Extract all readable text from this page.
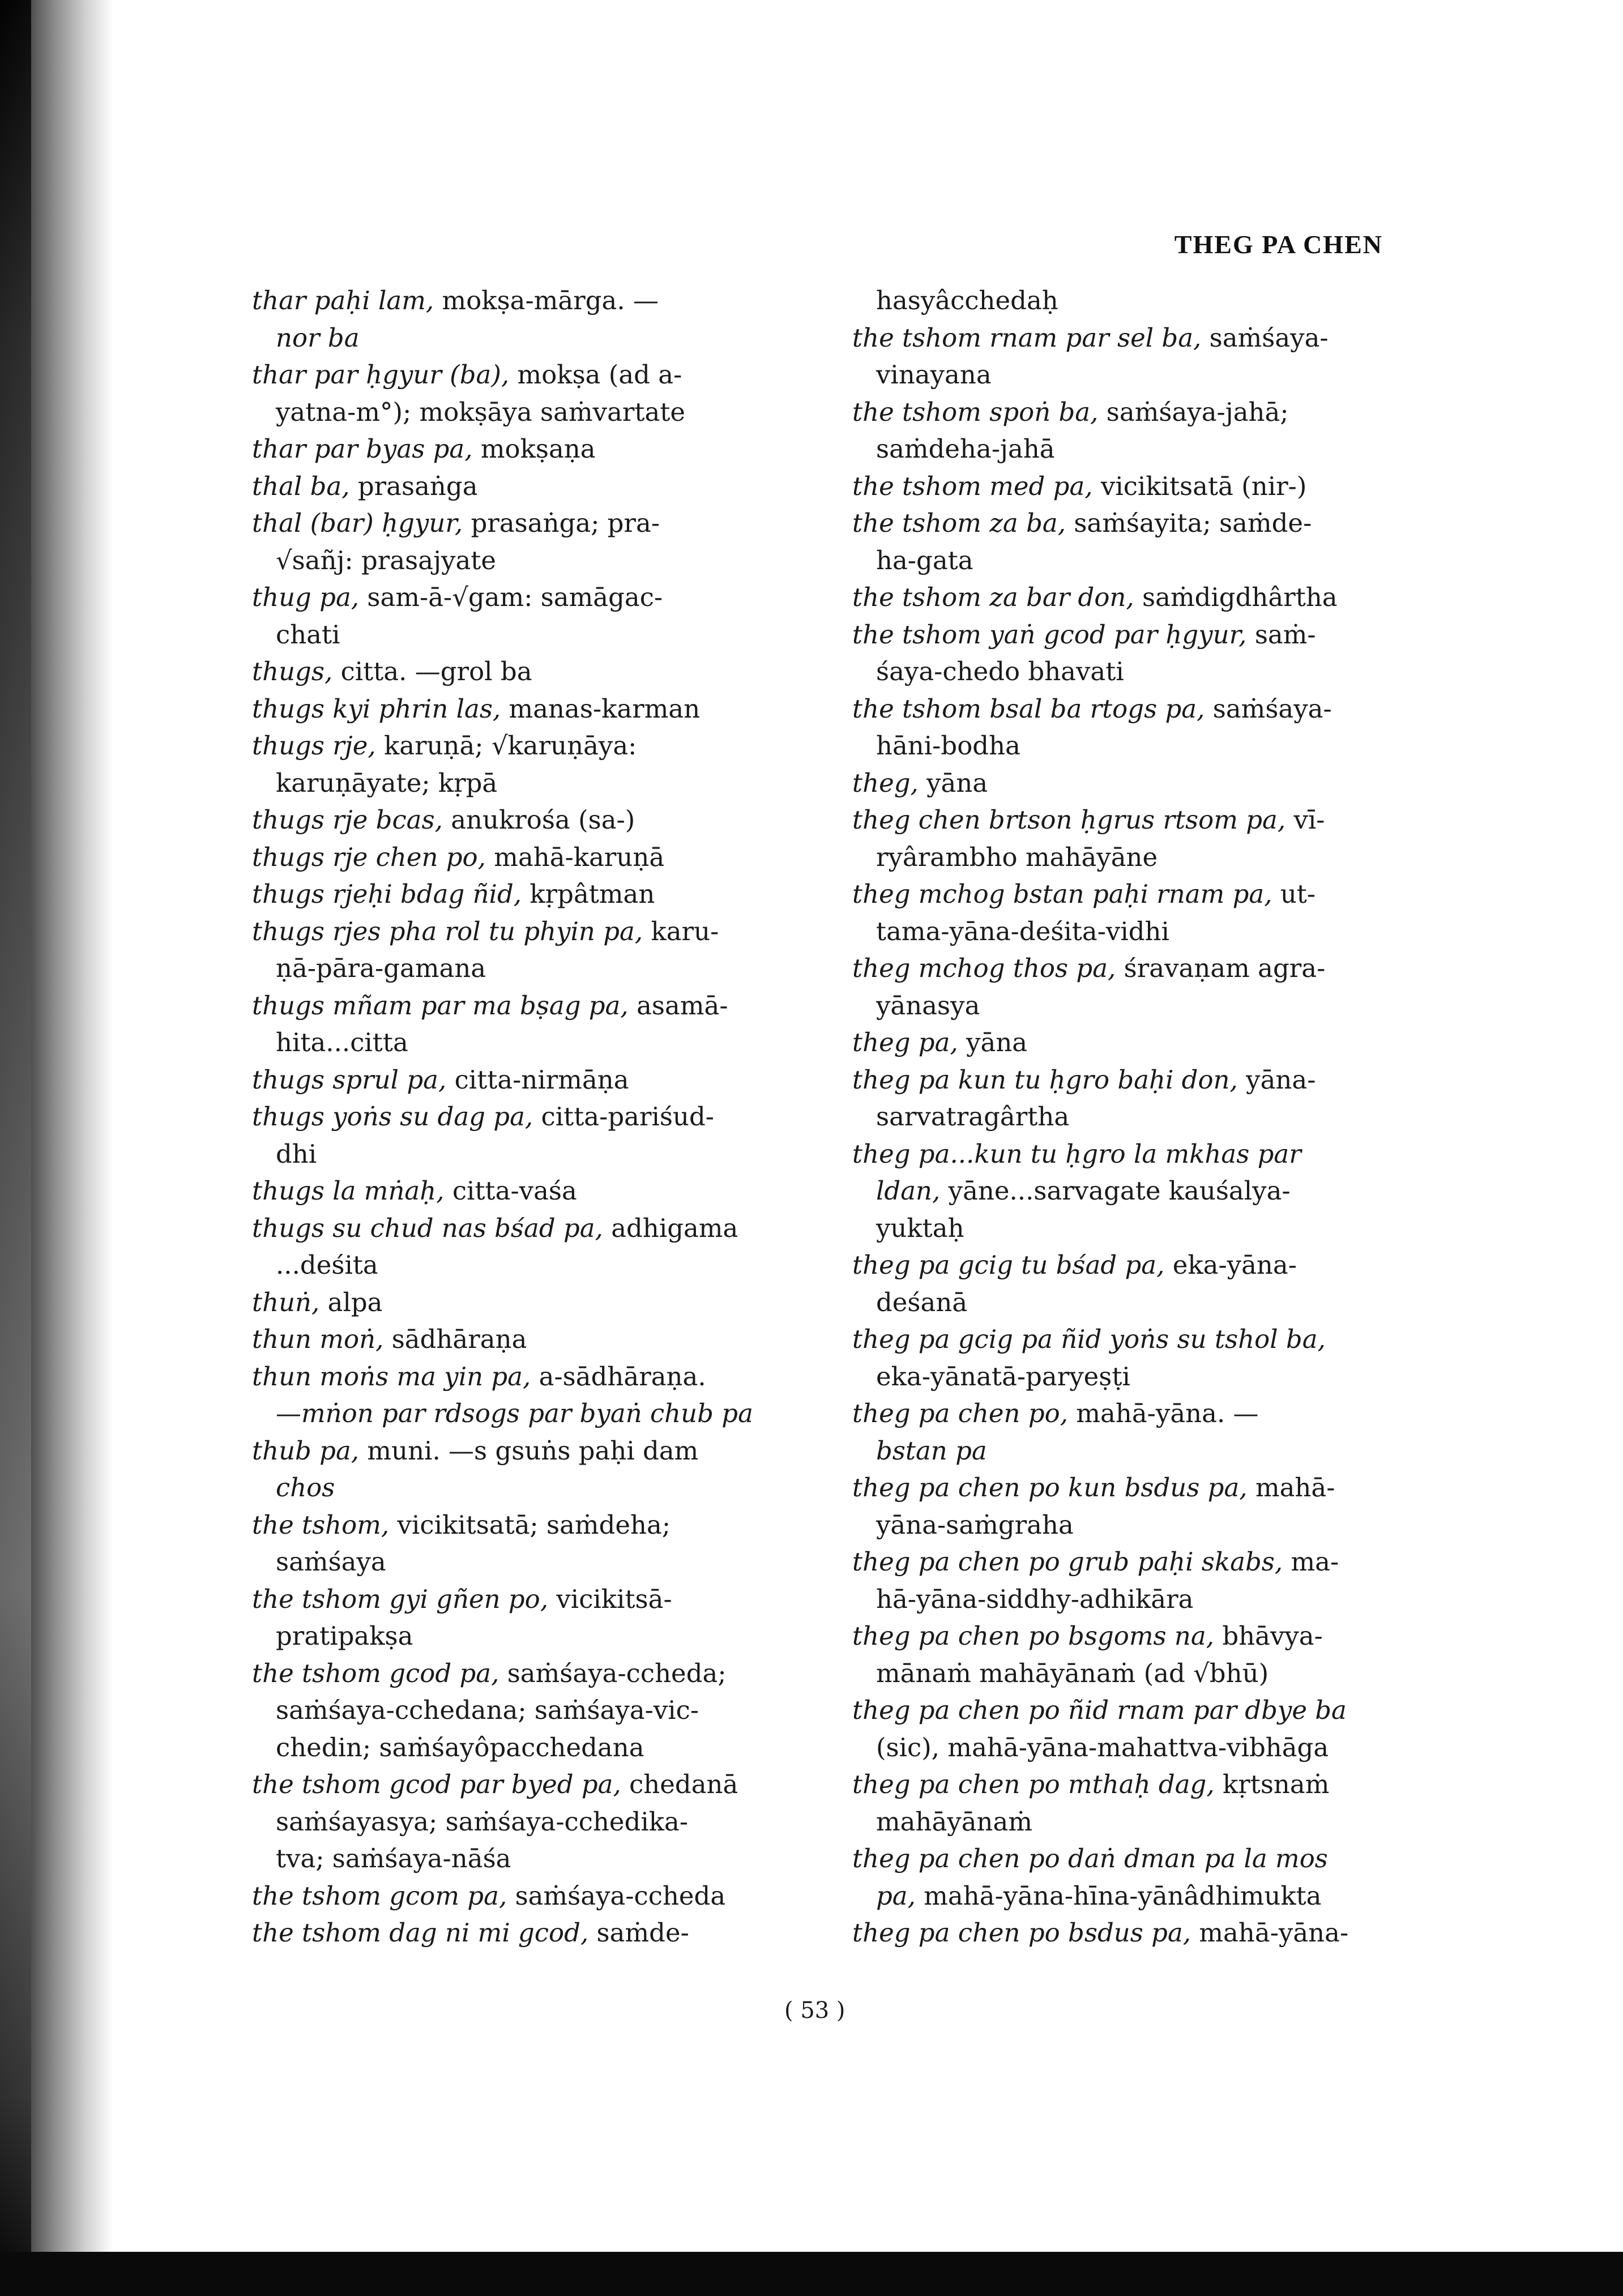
THEG PA CHEN
thar paḥi lam, mokṣa-mārga. —
nor ba
thar par ḥgyur (ba), mokṣa (ad a-
yatna-m°); mokṣāya saṁvartate
thar par byas pa, mokṣaṇa
thal ba, prasaṅga
thal (bar) ḥgyur, prasaṅga; pra-
√sañj: prasajyate
thug pa, sam-ā-√gam: samāgac-
chati
thugs, citta. —grol ba
thugs kyi phrin las, manas-karman
thugs rje, karuṇā; √karuṇāya:
karuṇāyate; kṛpā
thugs rje bcas, anukrośa (sa-)
thugs rje chen po, mahā-karuṇā
thugs rjeḥi bdag ñid, kṛpâtman
thugs rjes pha rol tu phyin pa, karu-
ṇā-pāra-gamana
thugs mñam par ma bṣag pa, asamā-
hita...citta
thugs sprul pa, citta-nirmāṇa
thugs yoṅs su dag pa, citta-pariśud-
dhi
thugs la mṅaḥ, citta-vaśa
thugs su chud nas bśad pa, adhigama
...deśita
thuṅ, alpa
thun moṅ, sādhāraṇa
thun moṅs ma yin pa, a-sādhāraṇa.
—mṅon par rdsogs par byaṅ chub pa
thub pa, muni. —s gsuṅs paḥi dam
chos
the tshom, vicikitsatā; saṁdeha;
saṁśaya
the tshom gyi gñen po, vicikitsā-
pratipakṣa
the tshom gcod pa, saṁśaya-ccheda;
saṁśaya-cchedana; saṁśaya-vic-
chedin; saṁśayôpacchedana
the tshom gcod par byed pa, chedanā
saṁśayasya; saṁśaya-cchedika-
tva; saṁśaya-nāśa
the tshom gcom pa, saṁśaya-ccheda
the tshom dag ni mi gcod, saṁde-
hasyâcchedaḥ
the tshom rnam par sel ba, saṁśaya-
vinayana
the tshom spoṅ ba, saṁśaya-jahā;
saṁdeha-jahā
the tshom med pa, vicikitsatā (nir-)
the tshom za ba, saṁśayita; saṁde-
ha-gata
the tshom za bar don, saṁdigdhârtha
the tshom yaṅ gcod par ḥgyur, saṁ-
śaya-chedo bhavati
the tshom bsal ba rtogs pa, saṁśaya-
hāni-bodha
theg, yāna
theg chen brtson ḥgrus rtsom pa, vī-
ryârambho mahāyāne
theg mchog bstan paḥi rnam pa, ut-
tama-yāna-deśita-vidhi
theg mchog thos pa, śravaṇam agra-
yānasya
theg pa, yāna
theg pa kun tu ḥgro baḥi don, yāna-
sarvatragârtha
theg pa...kun tu ḥgro la mkhas par
ldan, yāne...sarvagate kauśalya-
yuktaḥ
theg pa gcig tu bśad pa, eka-yāna-
deśanā
theg pa gcig pa ñid yoṅs su tshol ba,
eka-yānatā-paryeṣṭi
theg pa chen po, mahā-yāna. —
bstan pa
theg pa chen po kun bsdus pa, mahā-
yāna-saṁgraha
theg pa chen po grub paḥi skabs, ma-
hā-yāna-siddhy-adhikāra
theg pa chen po bsgoms na, bhāvya-
mānaṁ mahāyānaṁ (ad √bhū)
theg pa chen po ñid rnam par dbye ba
(sic), mahā-yāna-mahattva-vibhāga
theg pa chen po mthaḥ dag, kṛtsnaṁ
mahāyānaṁ
theg pa chen po daṅ dman pa la mos
pa, mahā-yāna-hīna-yānâdhimukta
theg pa chen po bsdus pa, mahā-yāna-
( 53 )
